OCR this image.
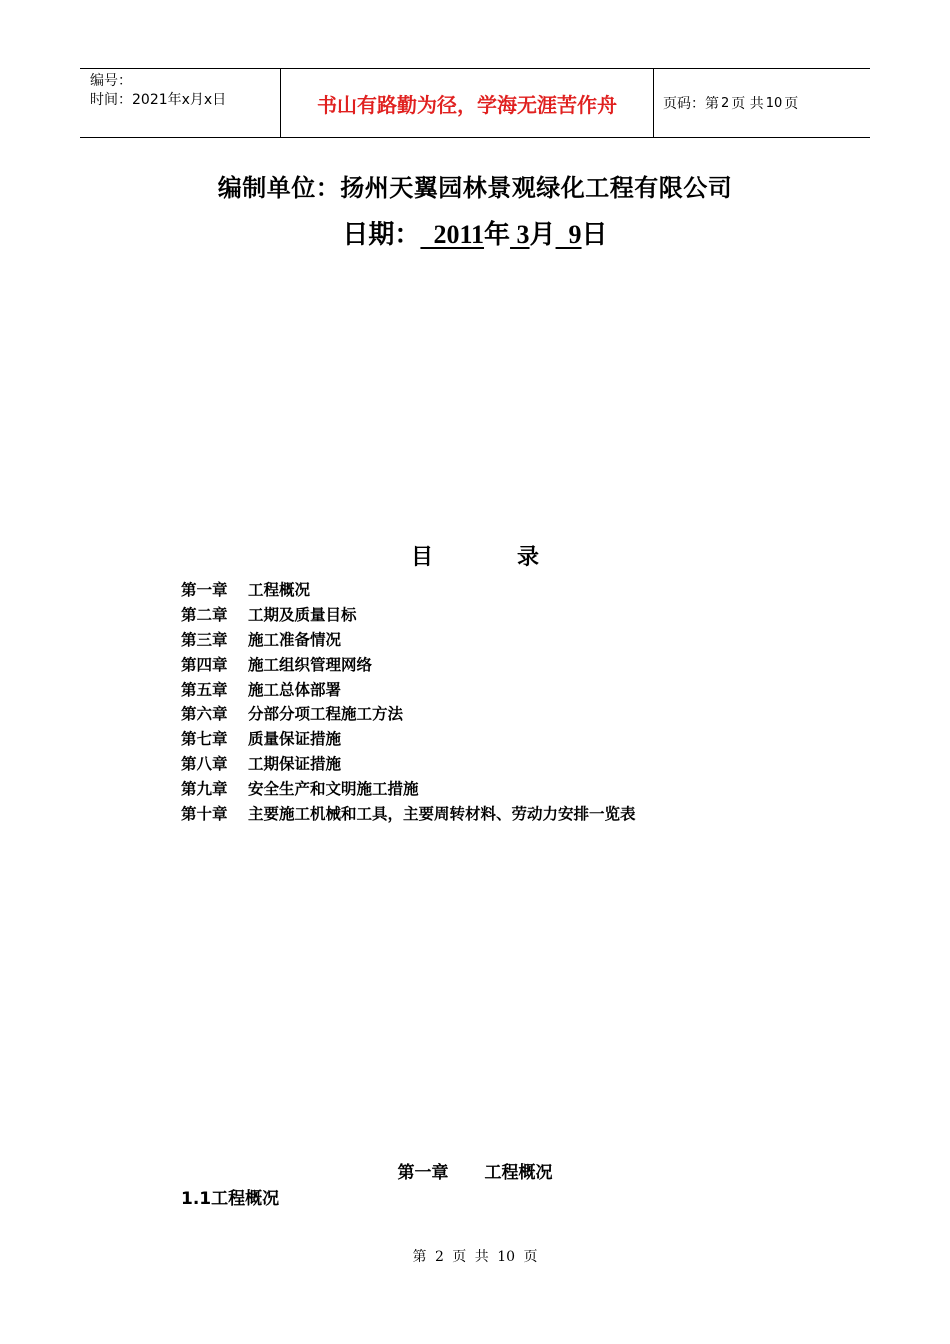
编号：
时间：2021年x月x日	书山有路勤为径，学海无涯苦作舟	页码：第 2 页 共 10 页
编制单位：扬州天翼园林景观绿化工程有限公司
日期：  2011年 3月  9日
目	录
第一章 工程概况
第二章 工期及质量目标
第三章 施工准备情况
第四章 施工组织管理网络
第五章 施工总体部署
第六章 分部分项工程施工方法
第七章 质量保证措施
第八章 工期保证措施
第九章 安全生产和文明施工措施
第十章 主要施工机械和工具，主要周转材料、劳动力安排一览表
第一章 工程概况
1.1工程概况
第 2 页 共 10 页
